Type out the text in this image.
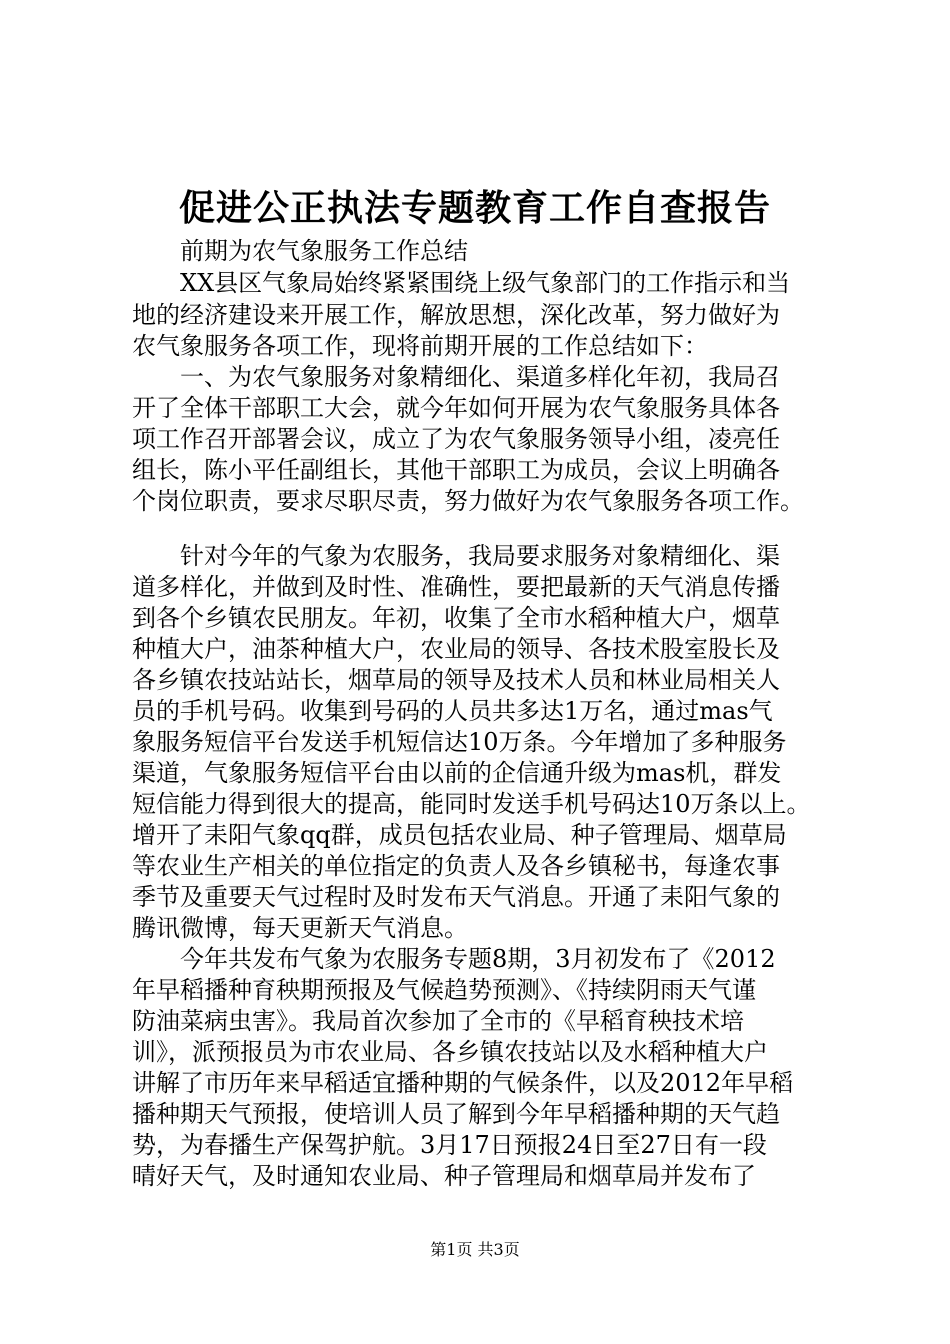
促进公正执法专题教育工作自查报告

前期为农气象服务工作总结

XX县区气象局始终紧紧围绕上级气象部门的工作指示和当

地的经济建设来开展工作，解放思想，深化改革，努力做好为

农气象服务各项工作，现将前期开展的工作总结如下：

一、为农气象服务对象精细化、渠道多样化年初，我局召

开了全体干部职工大会，就今年如何开展为农气象服务具体各

项工作召开部署会议，成立了为农气象服务领导小组，凌亮任

组长，陈小平任副组长，其他干部职工为成员，会议上明确各

个岗位职责，要求尽职尽责，努力做好为农气象服务各项工作。

针对今年的气象为农服务，我局要求服务对象精细化、渠

道多样化，并做到及时性、准确性，要把最新的天气消息传播

到各个乡镇农民朋友。年初，收集了全市水稻种植大户，烟草

种植大户，油茶种植大户，农业局的领导、各技术股室股长及

各乡镇农技站站长，烟草局的领导及技术人员和林业局相关人

员的手机号码。收集到号码的人员共多达1万名，通过mas气

象服务短信平台发送手机短信达10万条。今年增加了多种服务

渠道，气象服务短信平台由以前的企信通升级为mas机，群发

短信能力得到很大的提高，能同时发送手机号码达10万条以上。

增开了耒阳气象qq群，成员包括农业局、种子管理局、烟草局

等农业生产相关的单位指定的负责人及各乡镇秘书，每逢农事

季节及重要天气过程时及时发布天气消息。开通了耒阳气象的

腾讯微博，每天更新天气消息。

今年共发布气象为农服务专题8期，3月初发布了《2012

年早稻播种育秧期预报及气候趋势预测》、《持续阴雨天气谨

防油菜病虫害》。我局首次参加了全市的《早稻育秧技术培

训》，派预报员为市农业局、各乡镇农技站以及水稻种植大户

讲解了市历年来早稻适宜播种期的气候条件，以及2012年早稻

播种期天气预报，使培训人员了解到今年早稻播种期的天气趋

势，为春播生产保驾护航。3月17日预报24日至27日有一段

晴好天气，及时通知农业局、种子管理局和烟草局并发布了

第1页 共3页
